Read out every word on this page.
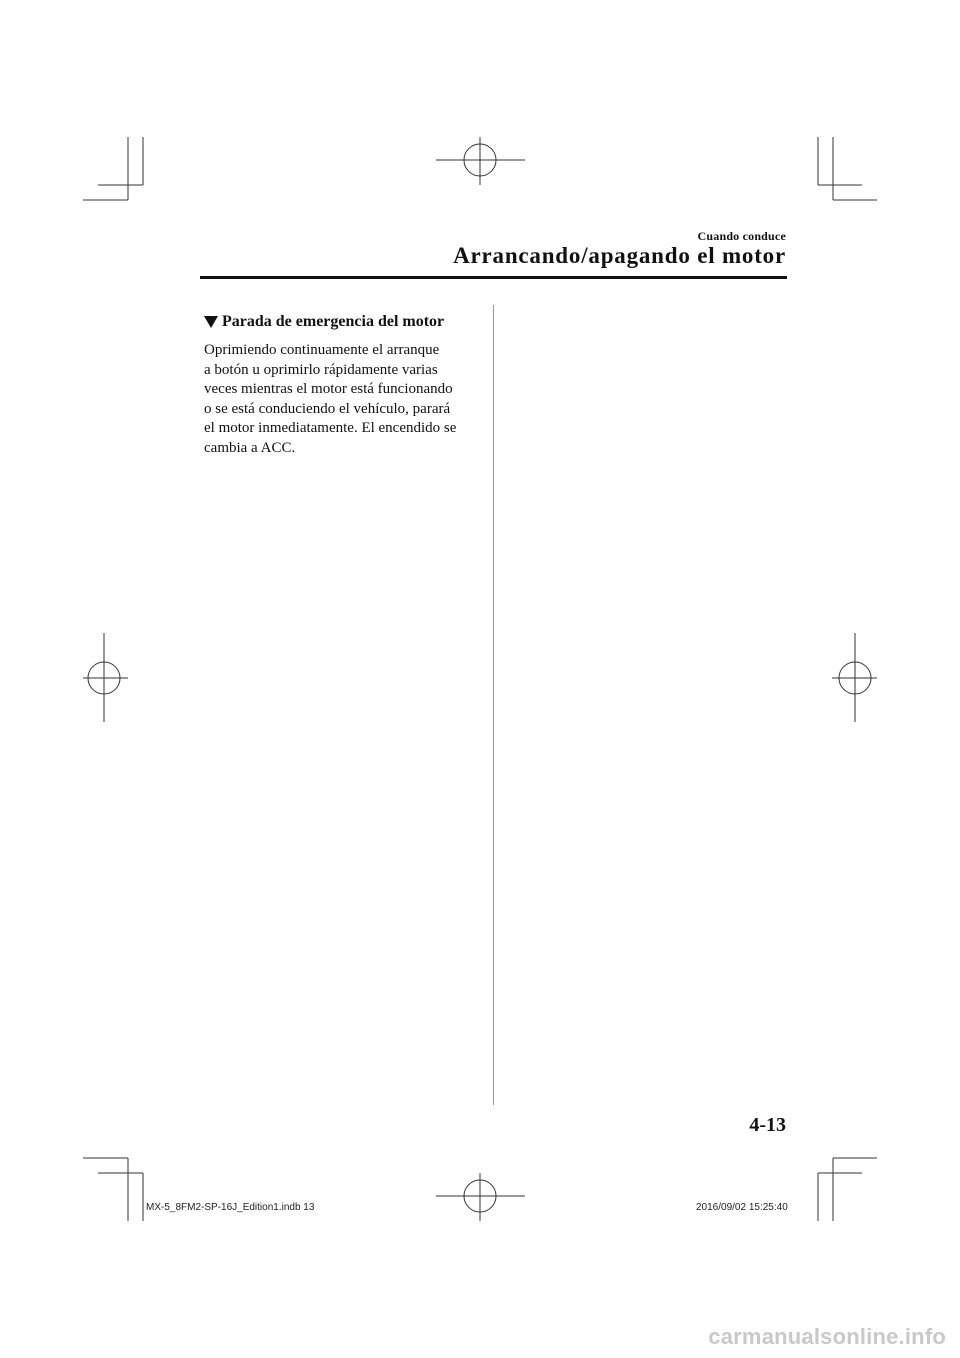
Cuando conduce
Arrancando/apagando el motor
Parada de emergencia del motor

Oprimiendo continuamente el arranque
a botón u oprimirlo rápidamente varias
veces mientras el motor está funcionando
o se está conduciendo el vehículo, parará
el motor inmediatamente. El encendido se
cambia a ACC.

4-13
MX-5_8FM2-SP-16J_Edition1.indb 13	2016/09/02 15:25:40
carmanualsonline.info
